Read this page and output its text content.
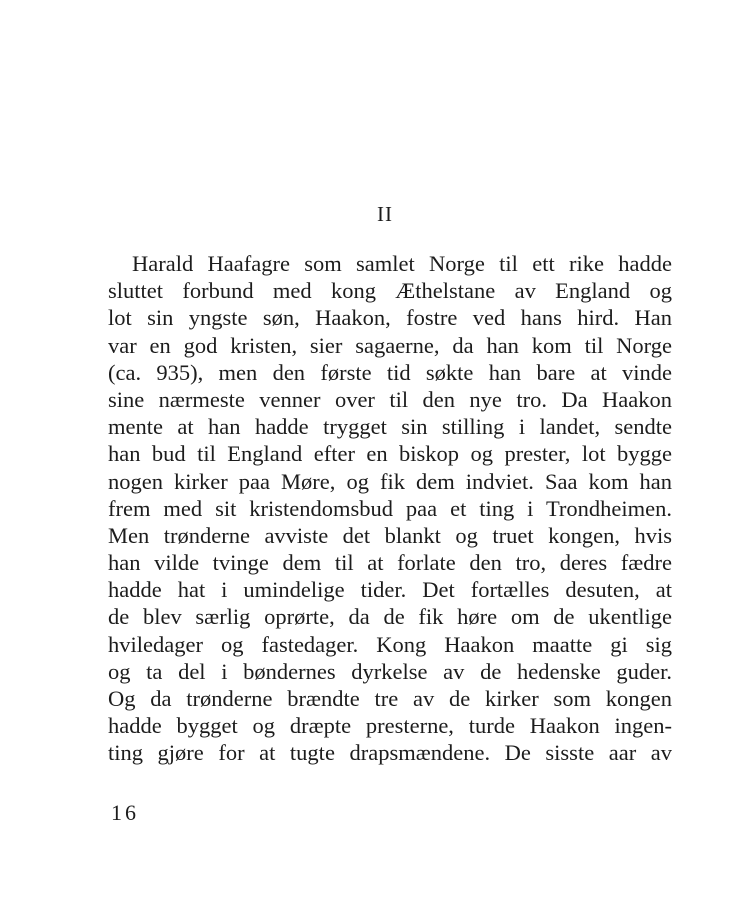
II
Harald Haafagre som samlet Norge til ett rike hadde
sluttet forbund med kong Æthelstane av England og
lot sin yngste søn, Haakon, fostre ved hans hird. Han
var en god kristen, sier sagaerne, da han kom til Norge
(ca. 935), men den første tid søkte han bare at vinde
sine nærmeste venner over til den nye tro. Da Haakon
mente at han hadde trygget sin stilling i landet, sendte
han bud til England efter en biskop og prester, lot bygge
nogen kirker paa Møre, og fik dem indviet. Saa kom han
frem med sit kristendomsbud paa et ting i Trondheimen.
Men trønderne avviste det blankt og truet kongen, hvis
han vilde tvinge dem til at forlate den tro, deres fædre
hadde hat i umindelige tider. Det fortælles desuten, at
de blev særlig oprørte, da de fik høre om de ukentlige
hviledager og fastedager. Kong Haakon maatte gi sig
og ta del i bøndernes dyrkelse av de hedenske guder.
Og da trønderne brændte tre av de kirker som kongen
hadde bygget og dræpte presterne, turde Haakon ingen-
ting gjøre for at tugte drapsmændene. De sisste aar av
16
